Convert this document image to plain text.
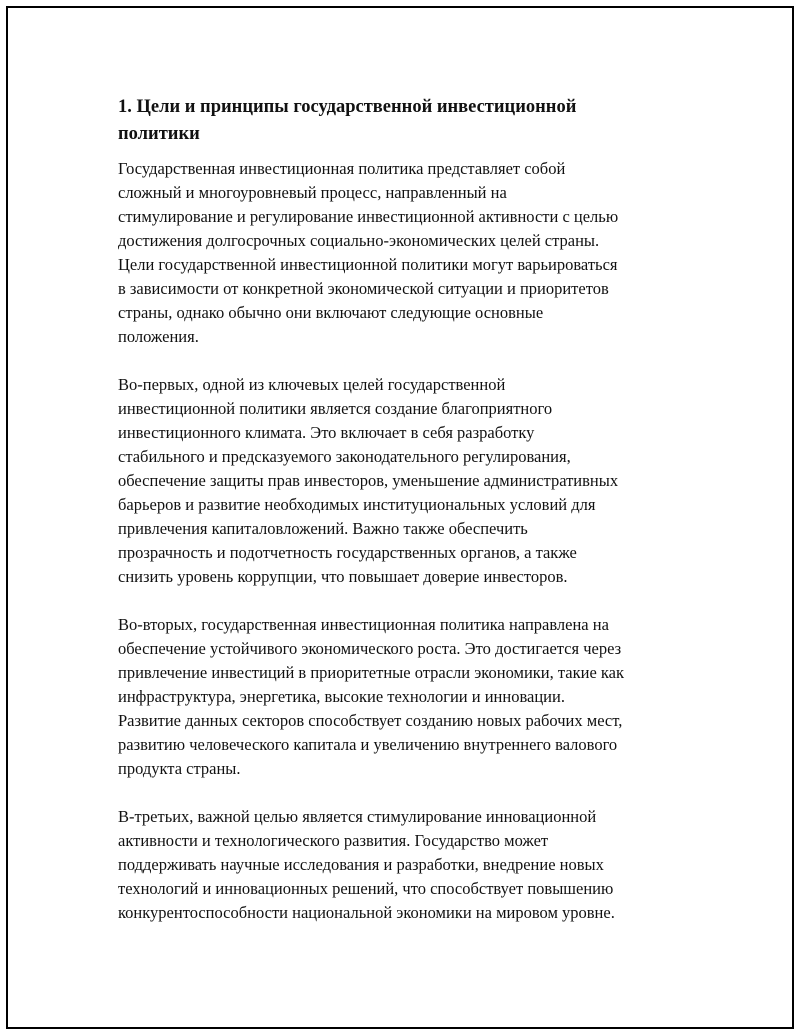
1. Цели и принципы государственной инвестиционной
политики

Государственная инвестиционная политика представляет собой
сложный и многоуровневый процесс, направленный на
стимулирование и регулирование инвестиционной активности с целью
достижения долгосрочных социально-экономических целей страны.
Цели государственной инвестиционной политики могут варьироваться
в зависимости от конкретной экономической ситуации и приоритетов
страны, однако обычно они включают следующие основные
положения.

Во-первых, одной из ключевых целей государственной
инвестиционной политики является создание благоприятного
инвестиционного климата. Это включает в себя разработку
стабильного и предсказуемого законодательного регулирования,
обеспечение защиты прав инвесторов, уменьшение административных
барьеров и развитие необходимых институциональных условий для
привлечения капиталовложений. Важно также обеспечить
прозрачность и подотчетность государственных органов, а также
снизить уровень коррупции, что повышает доверие инвесторов.

Во-вторых, государственная инвестиционная политика направлена на
обеспечение устойчивого экономического роста. Это достигается через
привлечение инвестиций в приоритетные отрасли экономики, такие как
инфраструктура, энергетика, высокие технологии и инновации.
Развитие данных секторов способствует созданию новых рабочих мест,
развитию человеческого капитала и увеличению внутреннего валового
продукта страны.

В-третьих, важной целью является стимулирование инновационной
активности и технологического развития. Государство может
поддерживать научные исследования и разработки, внедрение новых
технологий и инновационных решений, что способствует повышению
конкурентоспособности национальной экономики на мировом уровне.
